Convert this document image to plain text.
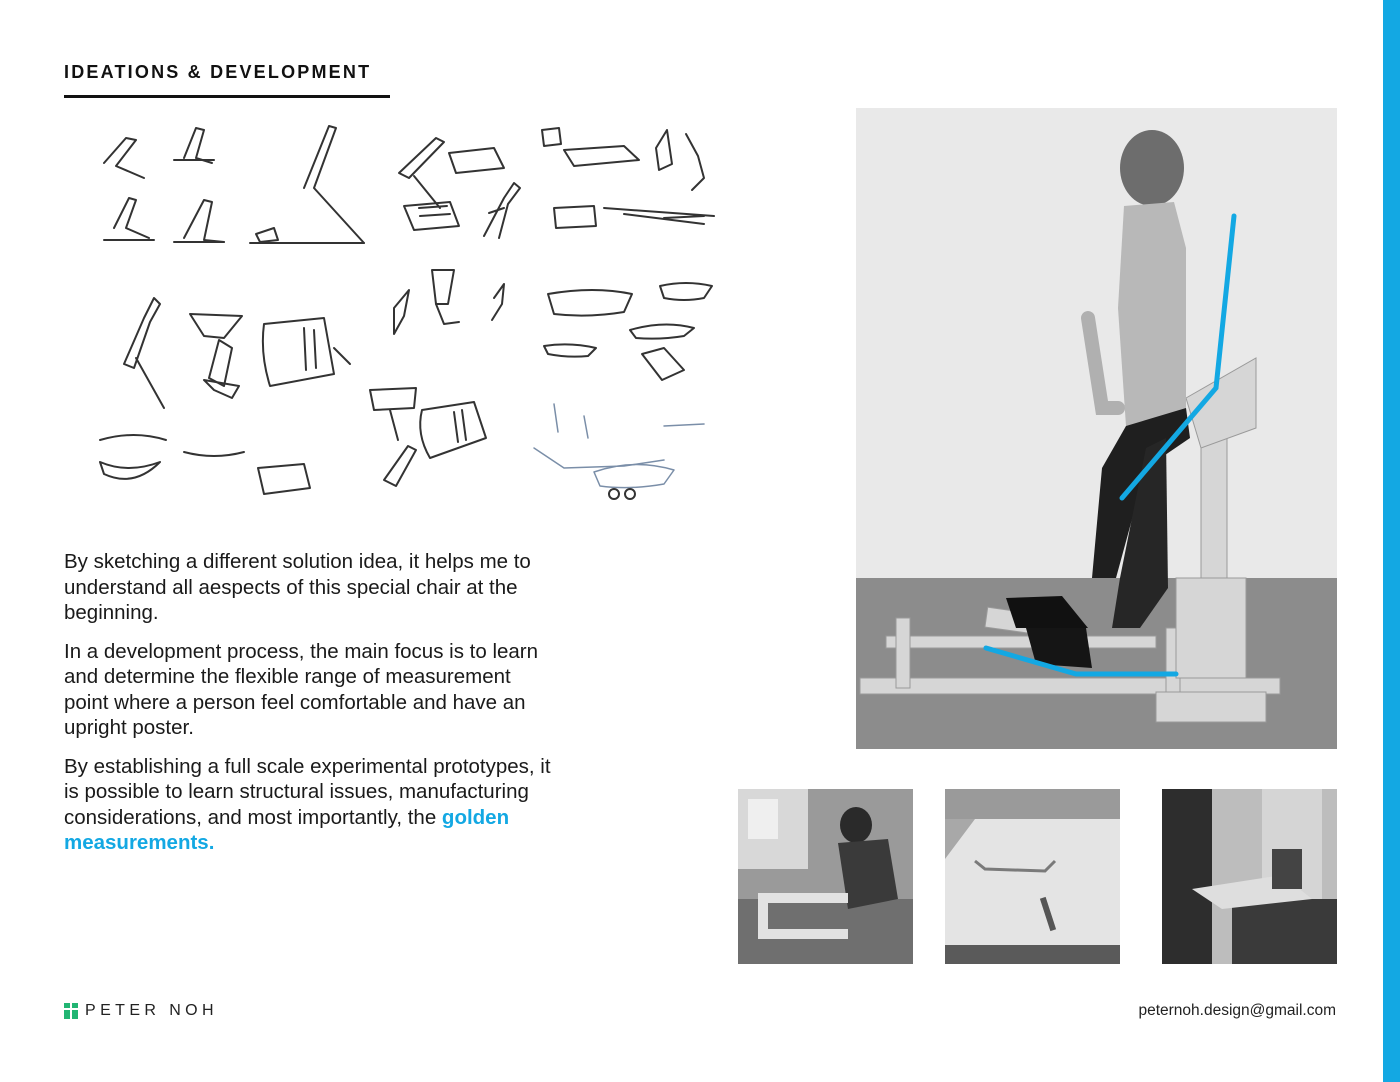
IDEATIONS & DEVELOPMENT

By sketching a different solution idea, it helps me to understand all aespects of this special chair at the beginning.

In a development process, the main focus is to learn and determine the flexible range of measurement point where a person feel comfortable and have an upright poster.

By establishing a full scale experimental prototypes, it is possible to learn structural issues, manufacturing considerations, and most importantly, the golden measurements.

PETER NOH	peternoh.design@gmail.com
